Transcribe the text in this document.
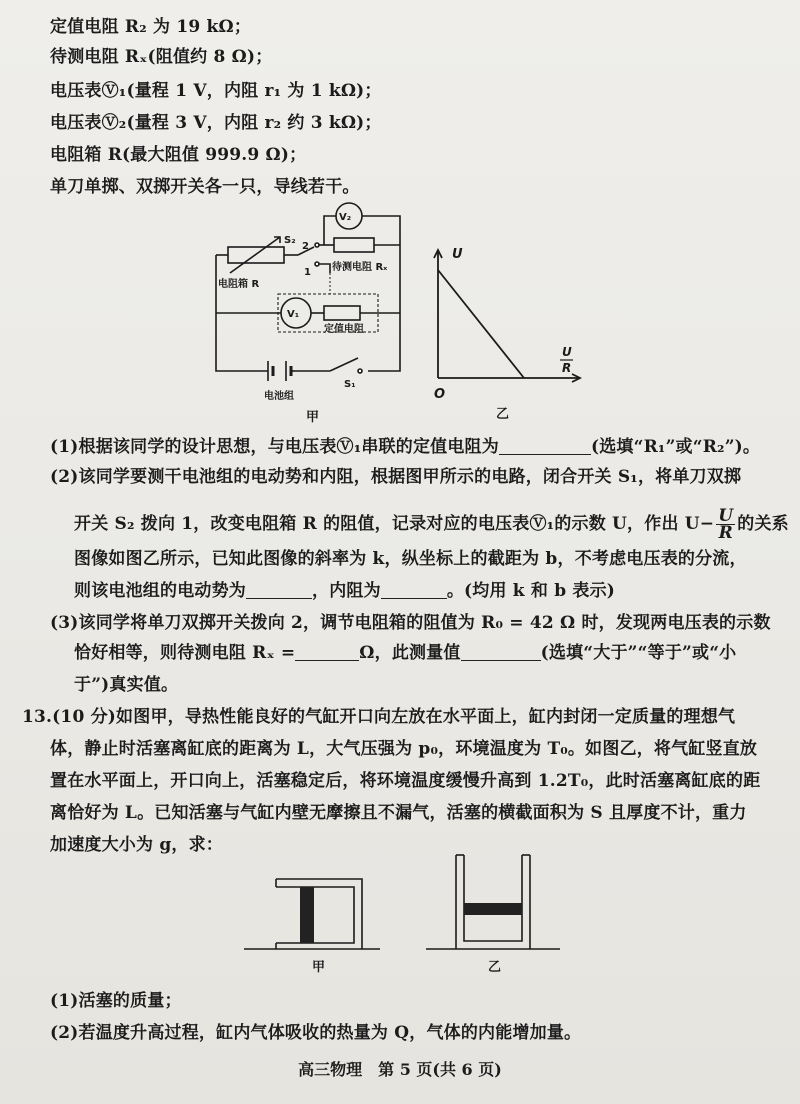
定值电阻 R₂ 为 19 kΩ；
待测电阻 Rₓ(阻值约 8 Ω)；
电压表Ⓥ₁(量程 1 V，内阻 r₁ 为 1 kΩ)；
电压表Ⓥ₂(量程 3 V，内阻 r₂ 约 3 kΩ)；
电阻箱 R(最大阻值 999.9 Ω)；
单刀单掷、双掷开关各一只，导线若干。
V₂
V₁
S₂
2
1 待测电阻 Rₓ
电阻箱 R
定值电阻
电池组
S₁
甲
U
U
R
O
乙
(1)根据该同学的设计思想，与电压表Ⓥ₁串联的定值电阻为	(选填“R₁”或“R₂”)。
(2)该同学要测干电池组的电动势和内阻，根据图甲所示的电路，闭合开关 S₁，将单刀双掷
开关 S₂ 拨向 1，改变电阻箱 R 的阻值，记录对应的电压表Ⓥ₁的示数 U，作出 $U- \frac{U}{R}$ 的关系
图像如图乙所示，已知此图像的斜率为 k，纵坐标上的截距为 b，不考虑电压表的分流，
则该电池组的电动势为	，内阻为	。(均用 k 和 b 表示)
(3)该同学将单刀双掷开关拨向 2，调节电阻箱的阻值为 R₀ = 42 Ω 时，发现两电压表的示数
恰好相等，则待测电阻 Rₓ =	Ω，此测量值	(选填“大于”“等于”或“小
于”)真实值。
13.(10 分)如图甲，导热性能良好的气缸开口向左放在水平面上，缸内封闭一定质量的理想气
体，静止时活塞离缸底的距离为 L，大气压强为 p₀，环境温度为 T₀。如图乙，将气缸竖直放
置在水平面上，开口向上，活塞稳定后，将环境温度缓慢升高到 1.2T₀，此时活塞离缸底的距
离恰好为 L。已知活塞与气缸内壁无摩擦且不漏气，活塞的横截面积为 S 且厚度不计，重力
加速度大小为 g，求：
甲	乙
(1)活塞的质量；
(2)若温度升高过程，缸内气体吸收的热量为 Q，气体的内能增加量。
高三物理　第 5 页(共 6 页)
